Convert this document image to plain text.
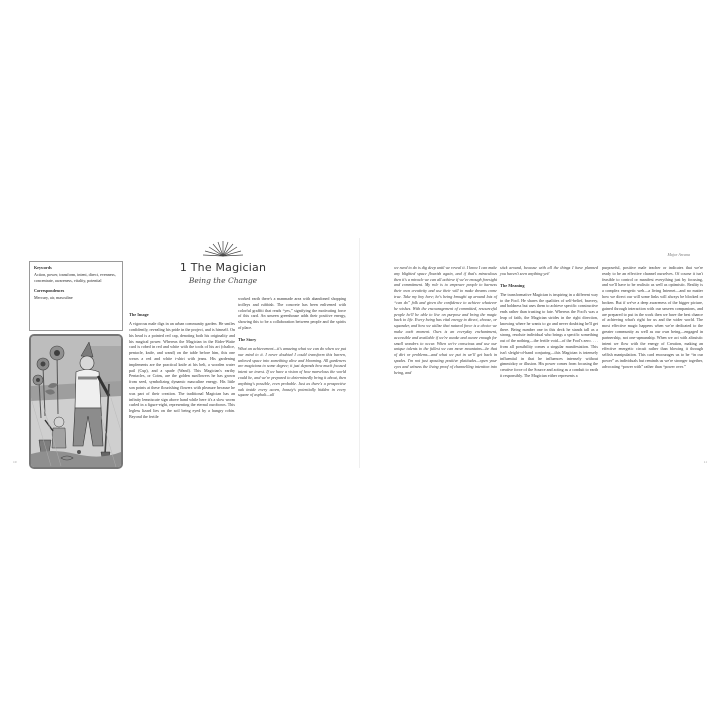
10
Keywords
Action, power, transform, intent, direct, evenness, concentrate, awareness, vitality, potential
Correspondences
Mercury, air, masculine
1 The Magician
Being the Change
The Image

A vigorous male digs in an urban community garden. He smiles confidently, revealing his pride in the project, and is himself. On his head is a pointed red cap, denoting both his originality and his magical power. Whereas the Magician in the Rider-Waite card is robed in red and white with the tools of his art (chalice, pentacle, knife, and wand) on the table before him, this one wears a red and white t-shirt with jeans. His gardening implements are the practical knife at his belt, a wooden water pail (Cup), and a spade (Wand). This Magician's earthy Pentacles, or Coins, are the golden sunflowers he has grown from seed, symbolizing dynamic masculine energy. His little son points at these flourishing flowers with pleasure because he was part of their creation. The traditional Magician has an infinity lemniscate sign above hand while here it's a slow worm curled in a figure-eight, representing the eternal ouroboros. This legless lizard lies on the soil being eyed by a hungry robin. Beyond the fertile

worked earth there's a manmade area with abandoned shopping trolleys and rubbish. The concrete has been enlivened with colorful graffiti that reads “yes,” signifying the motivating force of this card. An unseen greenhouse adds their positive energy, showing this to be a collaboration between people and the spirits of place.

The Story

What an achievement—it's amazing what we can do when we put our mind to it. I never doubted I could transform this barren, unloved space into something alive and blooming. All gardeners are magicians to some degree; it just depends how much focused intent we invest. If we have a vision of how marvelous the world could be, and we're prepared to determinedly bring it about, then anything's possible, even probable. Just as there's a prospective oak inside every acorn, beauty's potentially hidden in every square of asphalt—all

Major Arcana
11

we need to do is dig deep until we reveal it. I know I can make any blighted space flourish again, and if that's miraculous then it's a miracle we can all achieve if we've enough foresight and commitment. My role is to empower people to harness their own creativity and use their will to make dreams come true. Take my boy here; he's being brought up around lots of “can do” folk and given the confidence to achieve whatever he wishes. With the encouragement of committed, resourceful people he'll be able to live on purpose and bring the magic back to life. Every being has vital energy to direct, choose, or squander, and how we utilize that natural force is a choice we make each moment. Ours is an everyday enchantment, accessible and available if we're awake and aware enough for small wonders to occur. When we're conscious and use our unique talents to the fullest we can move mountains—be that of dirt or problems—and what we put in we'll get back in spades. I'm not just spouting positive platitudes—open your eyes and witness the living proof of channelling intention into being, and

stick around, because with all the things I have planned you haven't seen anything yet!

The Meaning

The transformative Magician is inspiring in a different way to the Fool. He shares the qualities of self-belief, bravery, and boldness but uses them to achieve specific constructive ends rather than trusting to fate. Whereas the Fool's was a leap of faith, the Magician strides in the right direction, knowing where he wants to go and never doubting he'll get there. Being number one in this deck he stands tall as a strong, resolute individual who brings a specific something out of the nothing—the fertile void—of the Fool's zero. . . . from all possibility comes a singular manifestation. This isn't sleight-of-hand conjuring—this Magician is intensely influential in that he influences intensely without gimmickry or illusion. His power comes from focusing the creative force of the Source and acting as a conduit to earth it responsibly. The Magician either represents a

purposeful, positive male teacher or indicates that we're ready to be an effective channel ourselves. Of course it isn't feasible to control or manifest everything just by focusing, and we'll have to be realistic as well as optimistic. Reality is a complex energetic web—a living Internet—and no matter how we direct our will some links will always be blocked or broken. But if we've a deep awareness of the bigger picture, gained through interaction with our unseen companions, and are prepared to put in the work then we have the best chance of achieving what's right for us and the wider world. The most effective magic happens when we're dedicated to the greater community as well as our own being—engaged in partnership, not one-upmanship. When we act with altruistic intent we flow with the energy of Creation, making an effective energetic circuit rather than blowing it through selfish manipulation. This card encourages us to be “in our power” as individuals but reminds us we're stronger together, advocating “power with” rather than “power over.”
